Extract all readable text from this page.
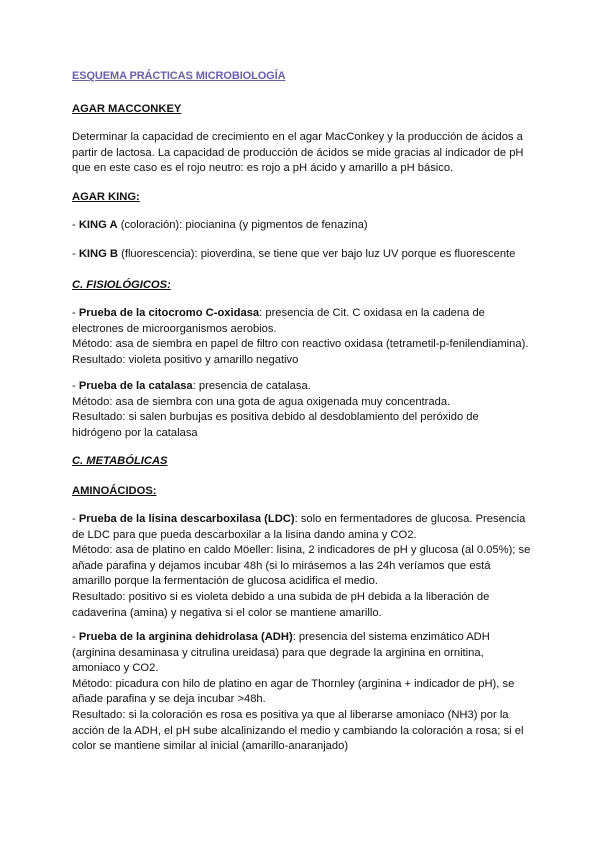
ESQUEMA PRÁCTICAS MICROBIOLOGÍA
AGAR MACCONKEY
Determinar la capacidad de crecimiento en el agar MacConkey y la producción de ácidos a
partir de lactosa. La capacidad de producción de ácidos se mide gracias al indicador de pH
que en este caso es el rojo neutro: es rojo a pH ácido y amarillo a pH básico.
AGAR KING:
- KING A (coloración): piocianina (y pigmentos de fenazina)
- KING B (fluorescencia): pioverdina, se tiene que ver bajo luz UV porque es fluorescente
C. FISIOLÓGICOS:
- Prueba de la citocromo C-oxidasa: presencia de Cit. C oxidasa en la cadena de
electrones de microorganismos aerobios.
Método: asa de siembra en papel de filtro con reactivo oxidasa (tetrametil-p-fenilendiamina).
Resultado: violeta positivo y amarillo negativo
- Prueba de la catalasa: presencia de catalasa.
Método: asa de siembra con una gota de agua oxigenada muy concentrada.
Resultado: si salen burbujas es positiva debido al desdoblamiento del peróxido de
hidrógeno por la catalasa
C. METABÓLICAS
AMINOÁCIDOS:
- Prueba de la lisina descarboxilasa (LDC): solo en fermentadores de glucosa. Presencia
de LDC para que pueda descarboxilar a la lisina dando amina y CO2.
Método: asa de platino en caldo Möeller: lisina, 2 indicadores de pH y glucosa (al 0.05%); se
añade parafina y dejamos incubar 48h (si lo mirásemos a las 24h veríamos que está
amarillo porque la fermentación de glucosa acidifica el medio.
Resultado: positivo si es violeta debido a una subida de pH debida a la liberación de
cadaverina (amina) y negativa si el color se mantiene amarillo.
- Prueba de la arginina dehidrolasa (ADH): presencia del sistema enzimático ADH
(arginina desaminasa y citrulina ureidasa) para que degrade la arginina en ornitina,
amoniaco y CO2.
Método: picadura con hilo de platino en agar de Thornley (arginina + indicador de pH), se
añade parafina y se deja incubar >48h.
Resultado: si la coloración es rosa es positiva ya que al liberarse amoniaco (NH3) por la
acción de la ADH, el pH sube alcalinizando el medio y cambiando la coloración a rosa; si el
color se mantiene similar al inicial (amarillo-anaranjado)
